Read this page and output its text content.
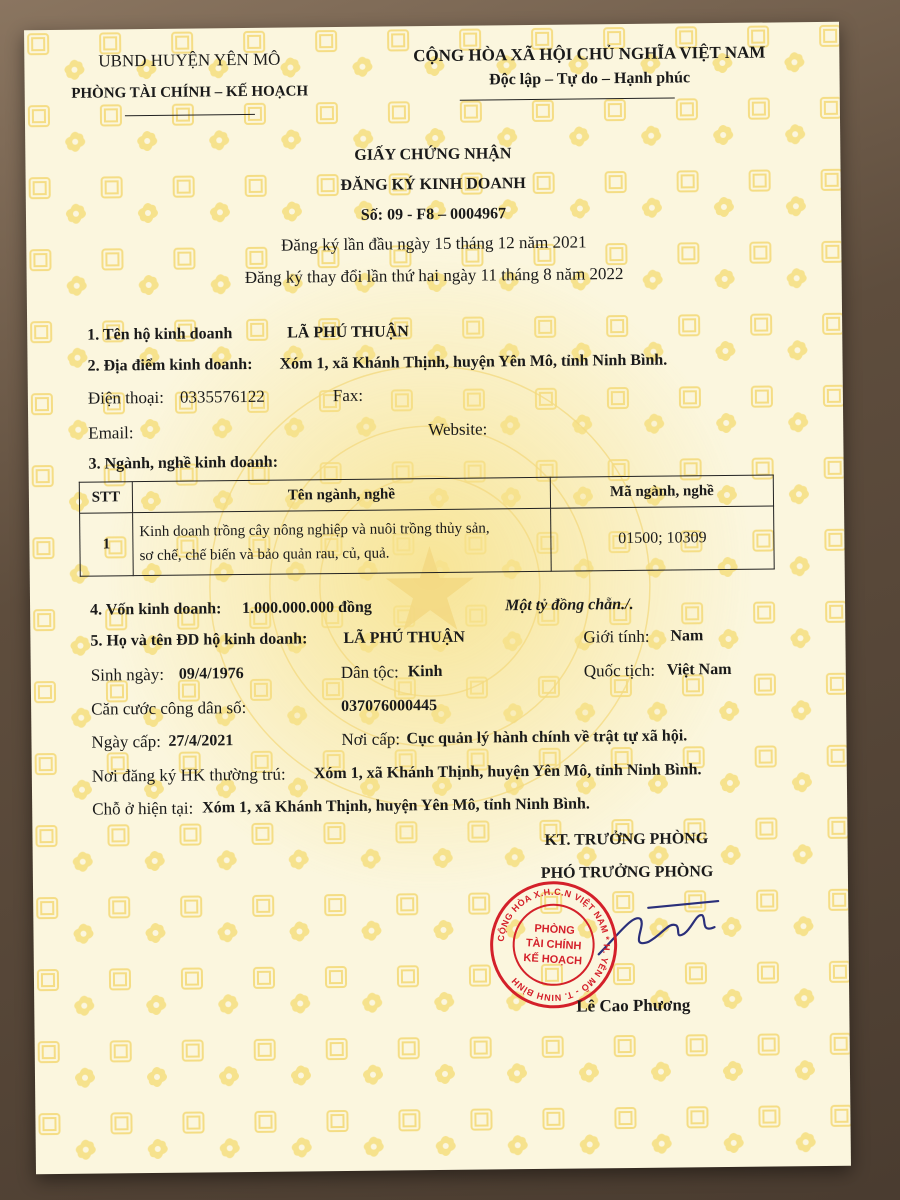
UBND HUYỆN YÊN MÔ
PHÒNG TÀI CHÍNH – KẾ HOẠCH
CỘNG HÒA XÃ HỘI CHỦ NGHĨA VIỆT NAM
Độc lập – Tự do – Hạnh phúc
GIẤY CHỨNG NHẬN
ĐĂNG KÝ KINH DOANH
Số: 09 - F8 – 0004967
Đăng ký lần đầu ngày 15 tháng 12 năm 2021
Đăng ký thay đổi lần thứ hai ngày 11 tháng 8 năm 2022
1. Tên hộ kinh doanh	LÃ PHÚ THUẬN
2. Địa điểm kinh doanh: Xóm 1, xã Khánh Thịnh, huyện Yên Mô, tỉnh Ninh Bình.
Điện thoại: 0335576122	Fax:
Email:	Website:
3. Ngành, nghề kinh doanh:
STT	Tên ngành, nghề	Mã ngành, nghề
1	Kinh doanh trồng cây nông nghiệp và nuôi trồng thủy sản,
sơ chế, chế biến và bảo quản rau, củ, quả.	01500; 10309
4. Vốn kinh doanh: 1.000.000.000 đồng	Một tỷ đồng chẵn./.
5. Họ và tên ĐD hộ kinh doanh: LÃ PHÚ THUẬN	Giới tính: Nam
Sinh ngày: 09/4/1976	Dân tộc: Kinh	Quốc tịch: Việt Nam
Căn cước công dân số:	037076000445
Ngày cấp: 27/4/2021	Nơi cấp: Cục quản lý hành chính về trật tự xã hội.
Nơi đăng ký HK thường trú: Xóm 1, xã Khánh Thịnh, huyện Yên Mô, tỉnh Ninh Bình.
Chỗ ở hiện tại: Xóm 1, xã Khánh Thịnh, huyện Yên Mô, tỉnh Ninh Bình.
KT. TRƯỞNG PHÒNG
PHÓ TRƯỞNG PHÒNG
CỘNG HÒA X.H.C.N VIỆT NAM * H. YÊN MÔ - T. NINH BÌNH
PHÒNG
TÀI CHÍNH
KẾ HOẠCH
Lê Cao Phương
